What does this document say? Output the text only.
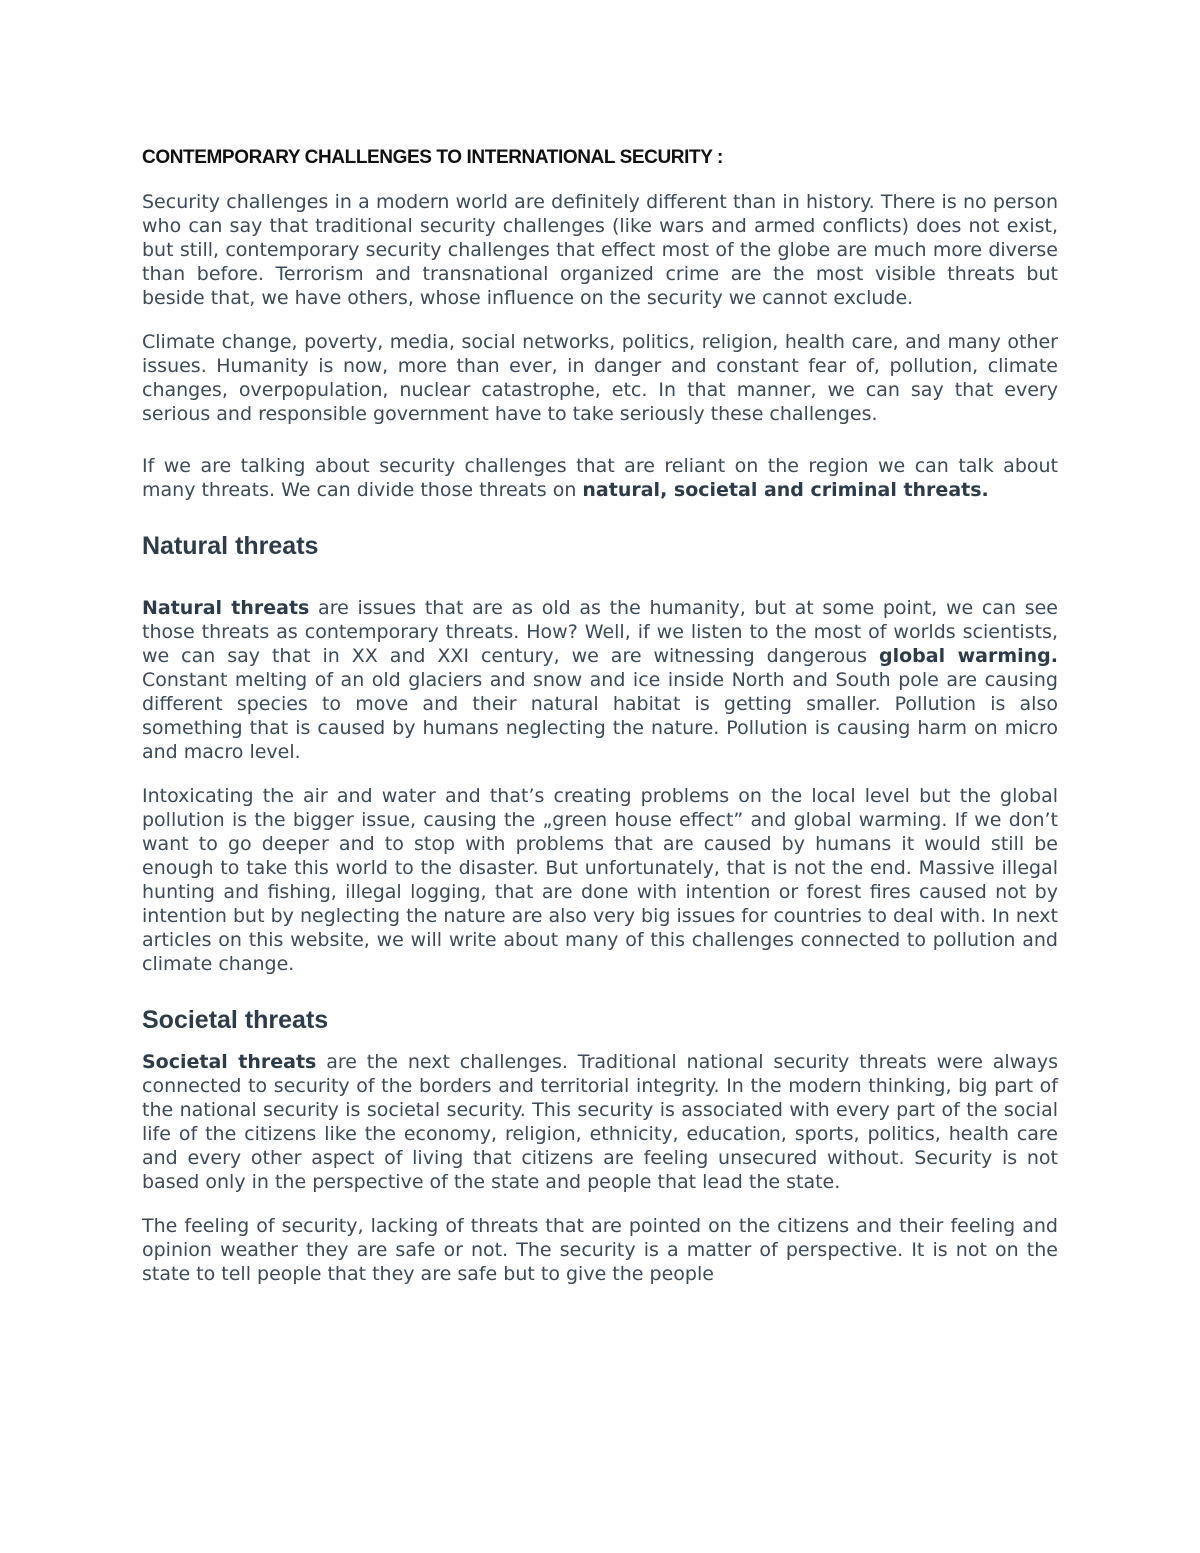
CONTEMPORARY CHALLENGES TO INTERNATIONAL SECURITY :

Security challenges in a modern world are definitely different than in history. There is no person who can say that traditional security challenges (like wars and armed conflicts) does not exist, but still, contemporary security challenges that effect most of the globe are much more diverse than before. Terrorism and transnational organized crime are the most visible threats but beside that, we have others, whose influence on the security we cannot exclude.

Climate change, poverty, media, social networks, politics, religion, health care, and many other issues. Humanity is now, more than ever, in danger and constant fear of, pollution, climate changes, overpopulation, nuclear catastrophe, etc. In that manner, we can say that every serious and responsible government have to take seriously these challenges.

If we are talking about security challenges that are reliant on the region we can talk about many threats. We can divide those threats on natural, societal and criminal threats.

Natural threats

Natural threats are issues that are as old as the humanity, but at some point, we can see those threats as contemporary threats. How? Well, if we listen to the most of worlds scientists, we can say that in XX and XXI century, we are witnessing dangerous global warming. Constant melting of an old glaciers and snow and ice inside North and South pole are causing different species to move and their natural habitat is getting smaller. Pollution is also something that is caused by humans neglecting the nature. Pollution is causing harm on micro and macro level.

Intoxicating the air and water and that’s creating problems on the local level but the global pollution is the bigger issue, causing the „green house effect” and global warming. If we don’t want to go deeper and to stop with problems that are caused by humans it would still be enough to take this world to the disaster. But unfortunately, that is not the end. Massive illegal hunting and fishing, illegal logging, that are done with intention or forest fires caused not by intention but by neglecting the nature are also very big issues for countries to deal with. In next articles on this website, we will write about many of this challenges connected to pollution and climate change.

Societal threats

Societal threats are the next challenges. Traditional national security threats were always connected to security of the borders and territorial integrity. In the modern thinking, big part of the national security is societal security. This security is associated with every part of the social life of the citizens like the economy, religion, ethnicity, education, sports, politics, health care and every other aspect of living that citizens are feeling unsecured without. Security is not based only in the perspective of the state and people that lead the state.

The feeling of security, lacking of threats that are pointed on the citizens and their feeling and opinion weather they are safe or not. The security is a matter of perspective. It is not on the state to tell people that they are safe but to give the people
